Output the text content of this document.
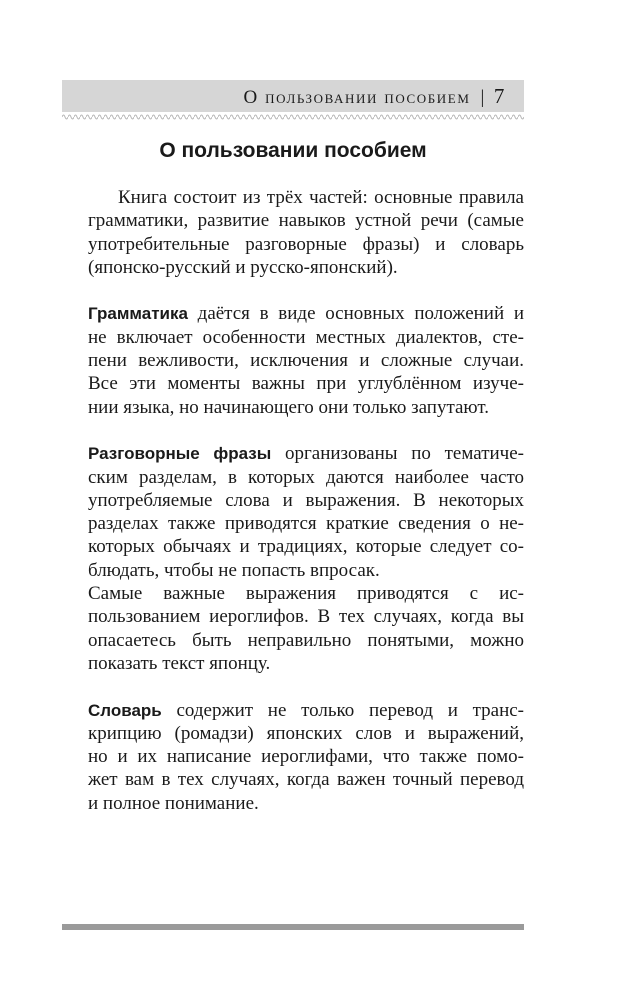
О пользовании пособием | 7
О пользовании пособием

Книга состоит из трёх частей: основные правила
грамматики, развитие навыков устной речи (самые
употребительные разговорные фразы) и словарь
(японско-русский и русско-японский).

Грамматика даётся в виде основных положений и
не включает особенности местных диалектов, сте-
пени вежливости, исключения и сложные случаи.
Все эти моменты важны при углублённом изуче-
нии языка, но начинающего они только запутают.

Разговорные фразы организованы по тематиче-
ским разделам, в которых даются наиболее часто
употребляемые слова и выражения. В некоторых
разделах также приводятся краткие сведения о не-
которых обычаях и традициях, которые следует со-
блюдать, чтобы не попасть впросак.

Самые важные выражения приводятся с ис-
пользованием иероглифов. В тех случаях, когда вы
опасаетесь быть неправильно понятыми, можно
показать текст японцу.

Словарь содержит не только перевод и транс-
крипцию (ромадзи) японских слов и выражений,
но и их написание иероглифами, что также помо-
жет вам в тех случаях, когда важен точный перевод
и полное понимание.
